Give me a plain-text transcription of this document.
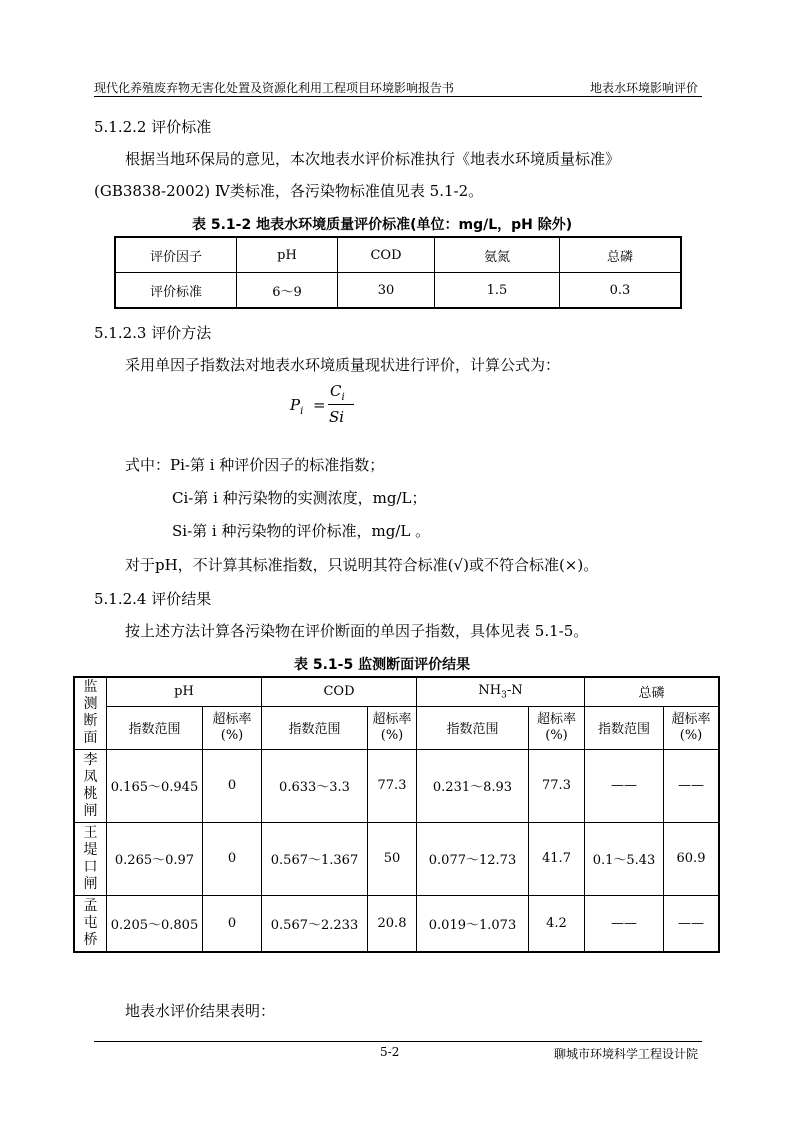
现代化养殖废弃物无害化处置及资源化利用工程项目环境影响报告书	地表水环境影响评价
5.1.2.2 评价标准
根据当地环保局的意见，本次地表水评价标准执行《地表水环境质量标准》
(GB3838-2002) Ⅳ类标准，各污染物标准值见表 5.1-2。
表 5.1-2 地表水环境质量评价标准(单位：mg/L，pH 除外)
评价因子	pH	COD	氨氮	总磷
评价标准	6～9	30	1.5	0.3
5.1.2.3 评价方法
采用单因子指数法对地表水环境质量现状进行评价，计算公式为：
$P_i$ =
$C_i$
Si
式中：Pi-第 i 种评价因子的标准指数；
Ci-第 i 种污染物的实测浓度，mg/L；
Si-第 i 种污染物的评价标准，mg/L 。
对于pH，不计算其标准指数，只说明其符合标准(√)或不符合标准(×)。
5.1.2.4 评价结果
按上述方法计算各污染物在评价断面的单因子指数，具体见表 5.1-5。
表 5.1-5 监测断面评价结果
监测断面	pH		COD		$NH_3-N$		总磷	
	指数范围	超标率(%)	指数范围	超标率(%)	指数范围	超标率(%)	指数范围	超标率(%)

李凤桃闸	0.165～0.945	0	0.633～3.3	77.3	0.231～8.93	77.3	——	——

王堤口闸	0.265～0.97	0	0.567～1.367	50	0.077～12.73	41.7	0.1～5.43	60.9

孟屯桥	0.205～0.805	0	0.567～2.233	20.8	0.019～1.073	4.2	——	——
地表水评价结果表明：
5-2	聊城市环境科学工程设计院
